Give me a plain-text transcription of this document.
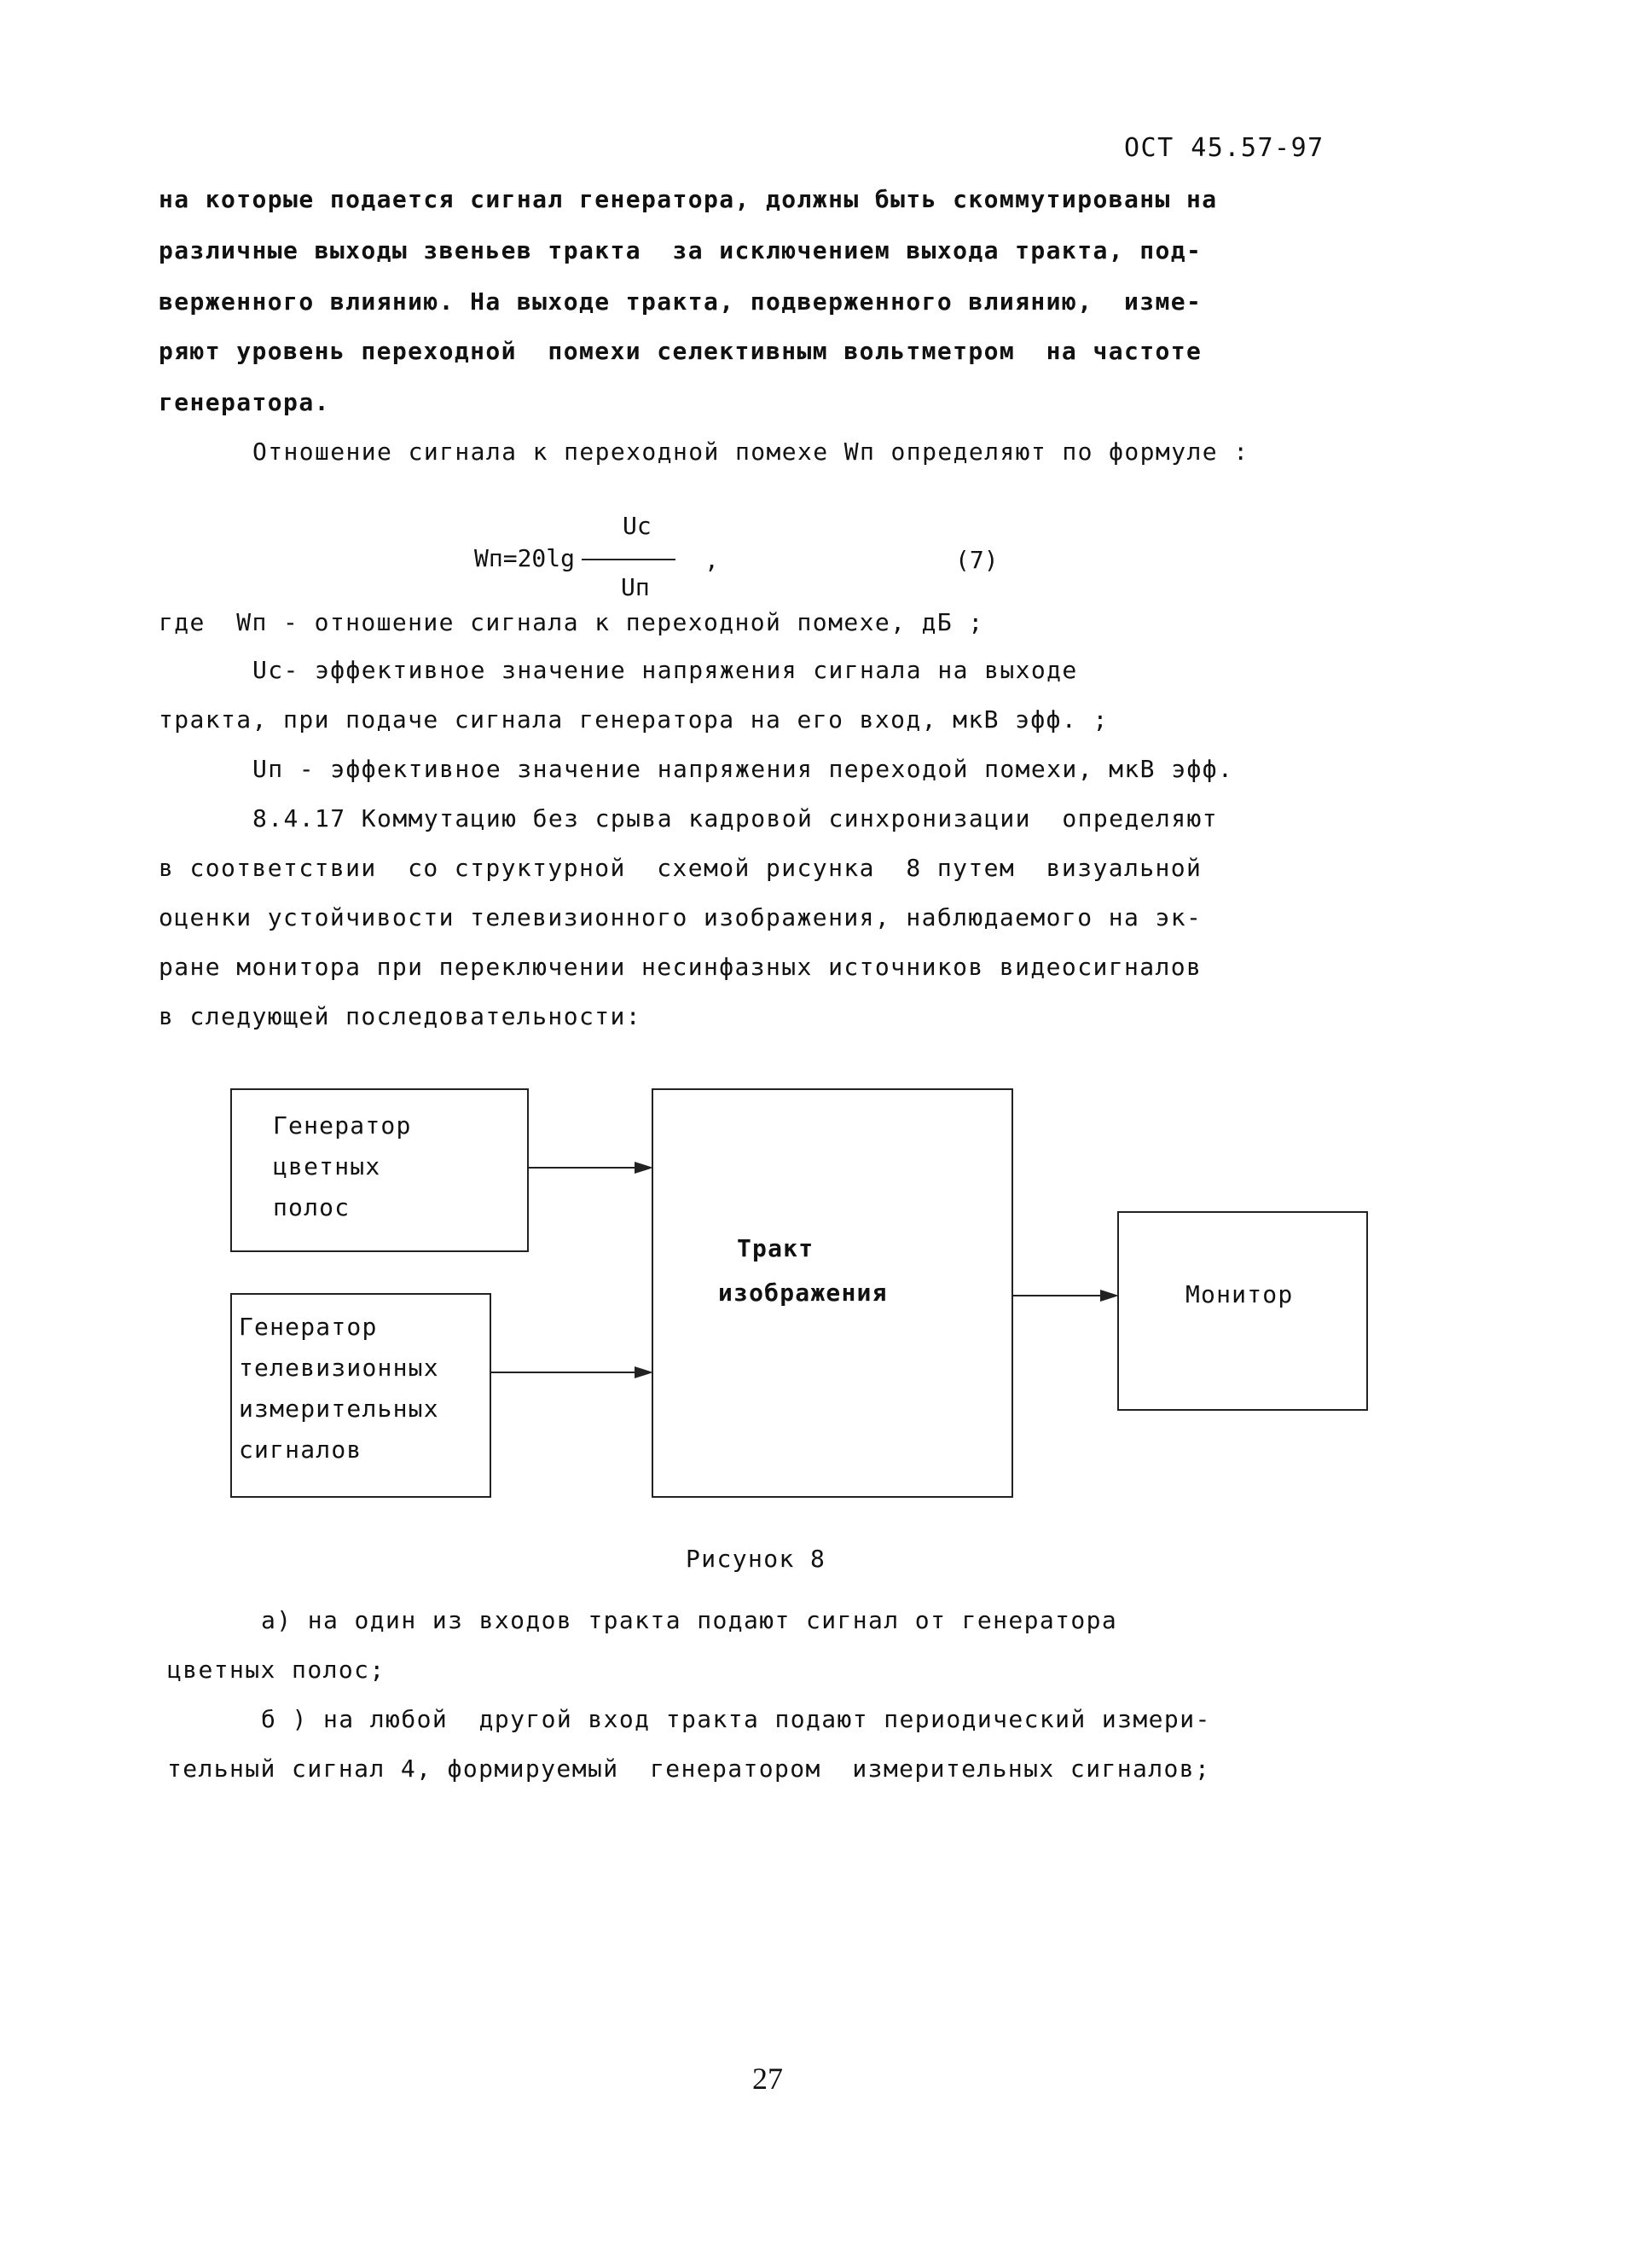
ОСТ 45.57-97
на которые подается сигнал генератора, должны быть скоммутированы на
различные выходы звеньев тракта  за исключением выхода тракта, под-
верженного влиянию. На выходе тракта, подверженного влиянию,  изме-
ряют уровень переходной  помехи селективным вольтметром  на частоте
генератора.
Отношение сигнала к переходной помехе Wп определяют по формуле :
Uc
Wп=20lg	,
Uп
(7)
где  Wп - отношение сигнала к переходной помехе, дБ ;
Uc- эффективное значение напряжения сигнала на выходе
тракта, при подаче сигнала генератора на его вход, мкВ эфф. ;
Uп - эффективное значение напряжения переходой помехи, мкВ эфф.
8.4.17 Коммутацию без срыва кадровой синхронизации  определяют
в соответствии  со структурной  схемой рисунка  8 путем  визуальной
оценки устойчивости телевизионного изображения, наблюдаемого на эк-
ране монитора при переключении несинфазных источников видеосигналов
в следующей последовательности:
Генератор
цветных
полос
Генератор
телевизионных
измерительных
сигналов
Тракт
изображения	Монитор
Рисунок 8
а) на один из входов тракта подают сигнал от генератора
цветных полос;
б ) на любой  другой вход тракта подают периодический измери-
тельный сигнал 4, формируемый  генератором  измерительных сигналов;
27
